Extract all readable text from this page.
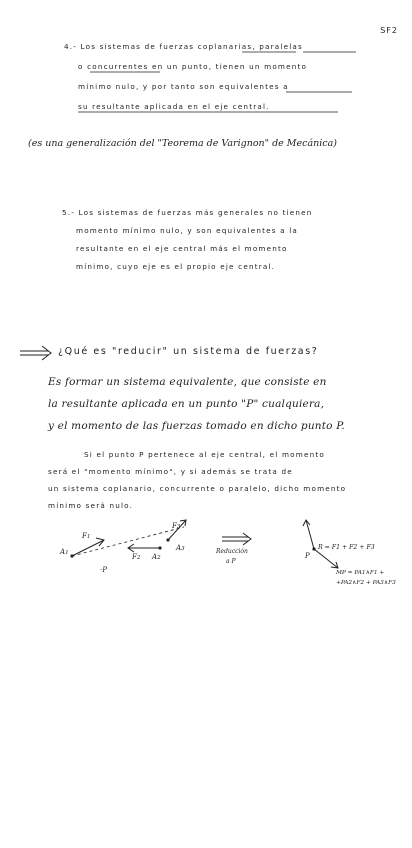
SF2
4.- Los sistemas de fuerzas coplanarias, paralelas
o concurrentes en un punto, tienen un momento
mínimo nulo, y por tanto son equivalentes a
su resultante aplicada en el eje central.
(es una generalización del "Teorema de Varignon" de Mecánica)
5.- Los sistemas de fuerzas más generales no tienen
momento mínimo nulo, y son equivalentes a la
resultante en el eje central más el momento
mínimo, cuyo eje es el propio eje central.
¿Qué es "reducir" un sistema de fuerzas?
Es formar un sistema equivalente, que consiste en
la resultante aplicada en un punto "P" cualquiera,
y el momento de las fuerzas tomado en dicho punto P.
Si el punto P pertenece al eje central, el momento
será el "momento mínimo", y si además se trata de
un sistema coplanario, concurrente o paralelo, dicho momento
mínimo será nulo.
A1
F1
F2 A2
F3
A3
·P
Reducción
a P
P
R = F1 + F2 + F3
MP = PA1∧F1 +
+PA2∧F2 + PA3∧F3
